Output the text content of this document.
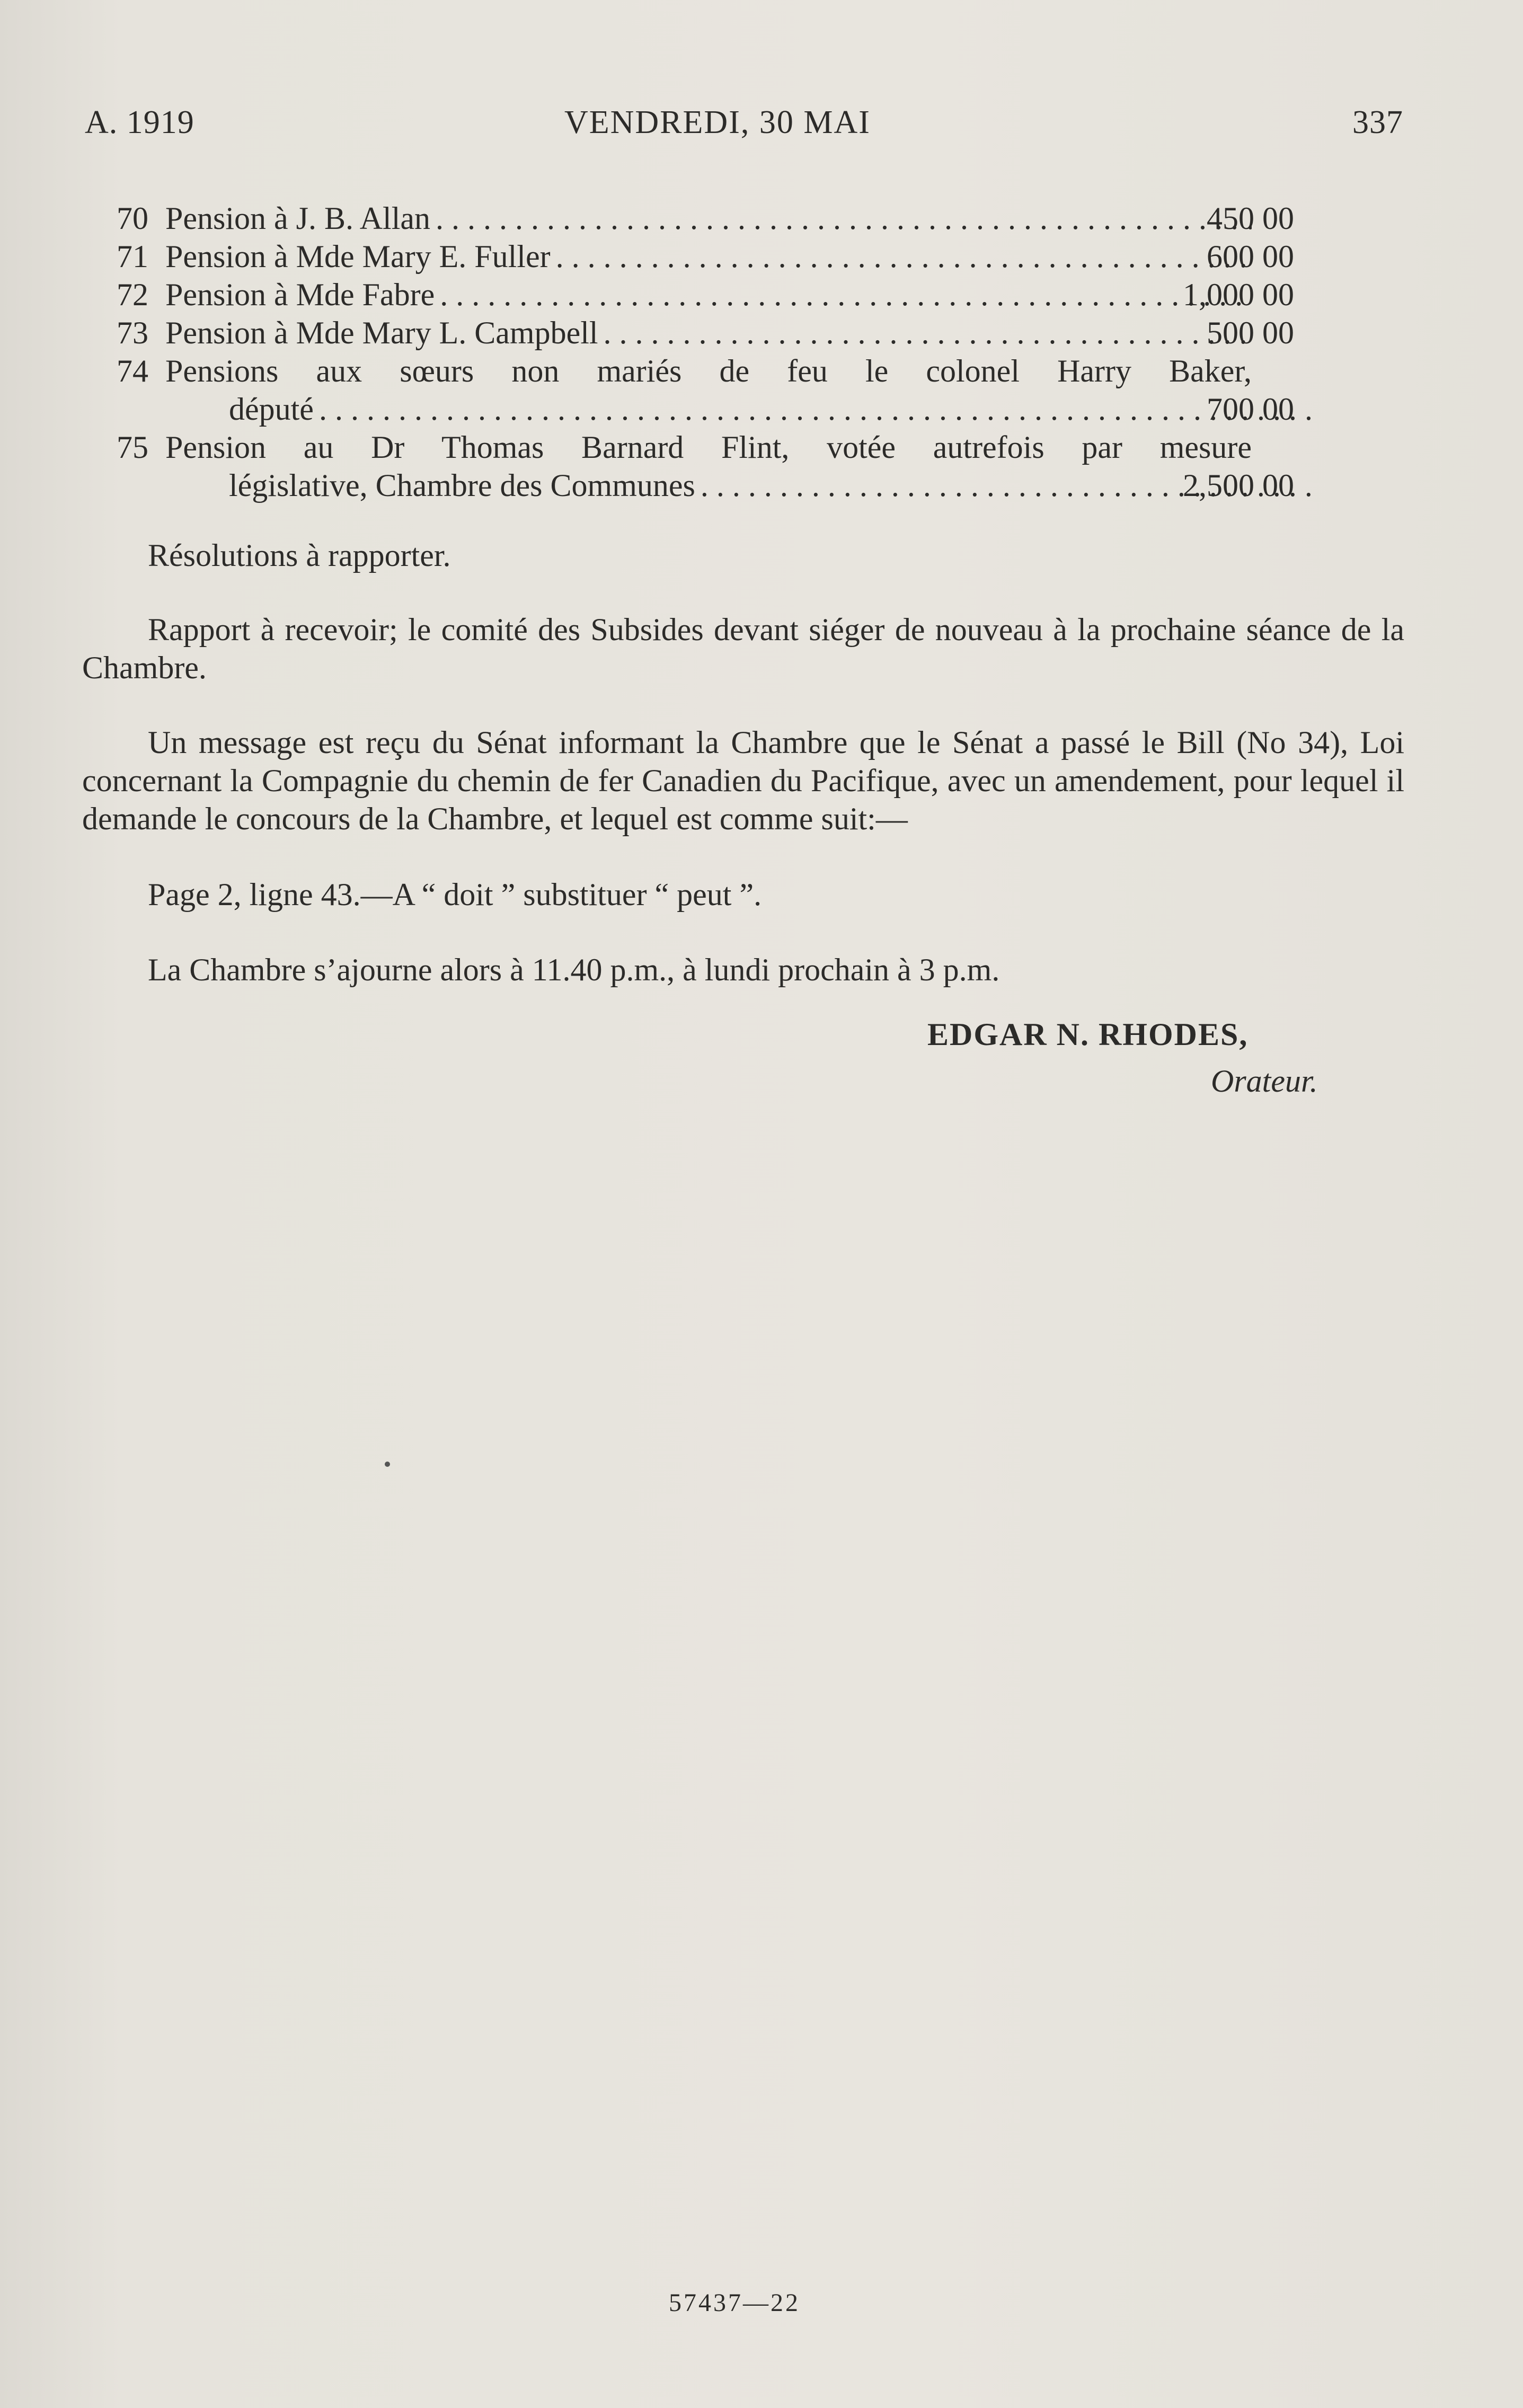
A. 1919	VENDREDI, 30 MAI	337
70 Pension à J. B. Allan . . .	450 00
71 Pension à Mde Mary E. Fuller . . .	600 00
72 Pension à Mde Fabre . . .	1,000 00
73 Pension à Mde Mary L. Campbell . . .	500 00
74 Pensions aux sœurs non mariés de feu le colonel Harry Baker,
député . . .	700 00
75 Pension au Dr Thomas Barnard Flint, votée autrefois par mesure
législative, Chambre des Communes . . .	2,500 00
Résolutions à rapporter.
Rapport à recevoir; le comité des Subsides devant siéger de nouveau à la prochaine séance de la Chambre.
Un message est reçu du Sénat informant la Chambre que le Sénat a passé le Bill (No 34), Loi concernant la Compagnie du chemin de fer Canadien du Pacifique, avec un amendement, pour lequel il demande le concours de la Chambre, et lequel est comme suit:—
Page 2, ligne 43.—A “ doit ” substituer “ peut ”.
La Chambre s’ajourne alors à 11.40 p.m., à lundi prochain à 3 p.m.
EDGAR N. RHODES,
Orateur.
57437—22
